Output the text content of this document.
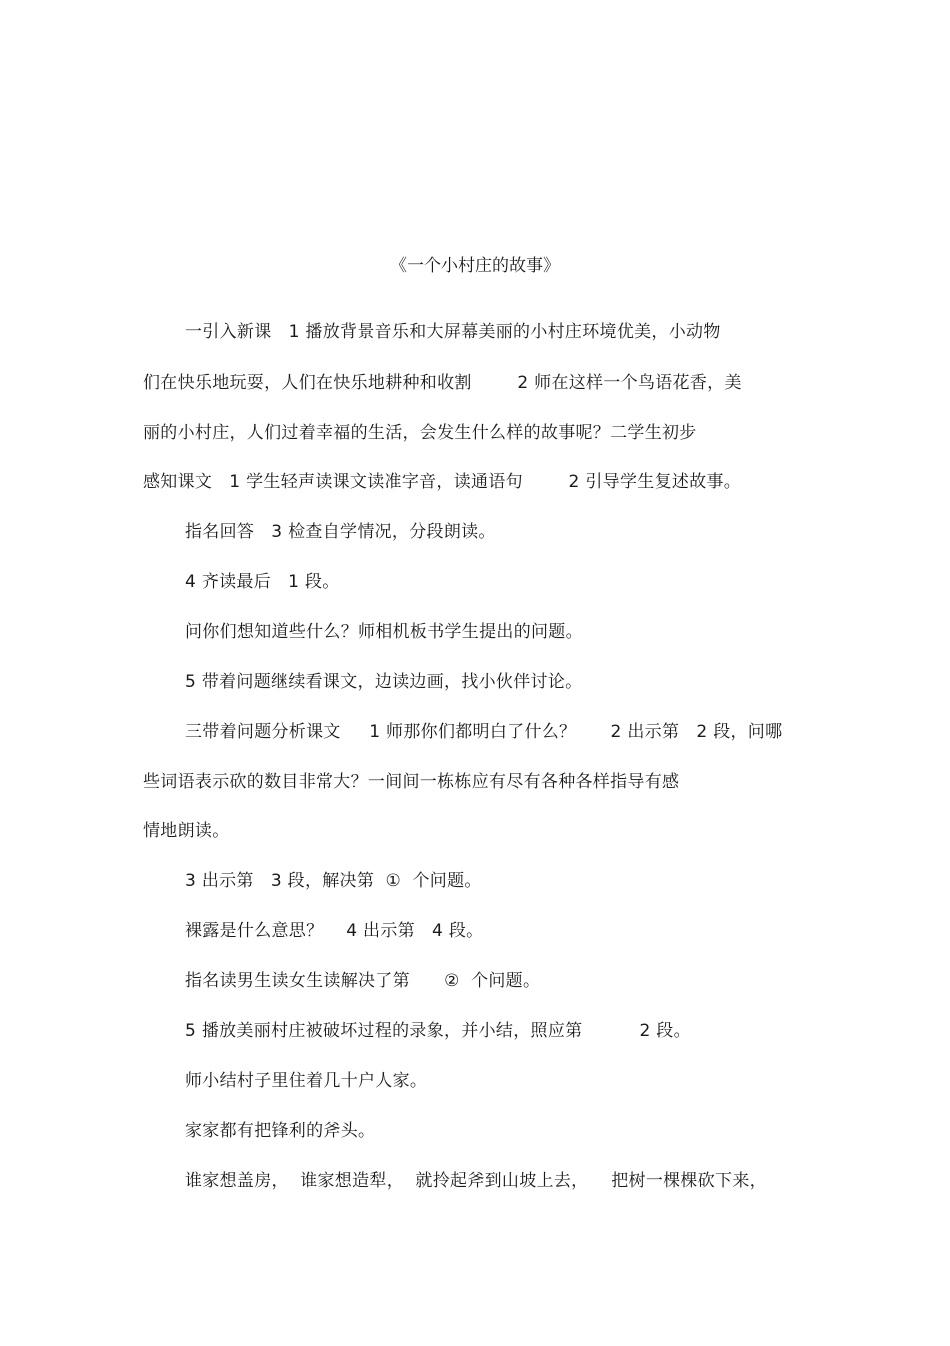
《一个小村庄的故事》
一引入新课   1 播放背景音乐和大屏幕美丽的小村庄环境优美，小动物
们在快乐地玩耍，人们在快乐地耕种和收割        2 师在这样一个鸟语花香，美
丽的小村庄，人们过着幸福的生活，会发生什么样的故事呢？二学生初步
感知课文   1 学生轻声读课文读准字音，读通语句        2 引导学生复述故事。
指名回答   3 检查自学情况，分段朗读。
4 齐读最后   1 段。
问你们想知道些什么？师相机板书学生提出的问题。
5 带着问题继续看课文，边读边画，找小伙伴讨论。
三带着问题分析课文     1 师那你们都明白了什么？      2 出示第   2 段，问哪
些词语表示砍的数目非常大？一间间一栋栋应有尽有各种各样指导有感
情地朗读。
3 出示第   3 段，解决第  ①  个问题。
裸露是什么意思？    4 出示第   4 段。
指名读男生读女生读解决了第      ②  个问题。
5 播放美丽村庄被破坏过程的录象，并小结，照应第          2 段。
师小结村子里住着几十户人家。
家家都有把锋利的斧头。
谁家想盖房，  谁家想造犁，  就拎起斧到山坡上去，    把树一棵棵砍下来，
